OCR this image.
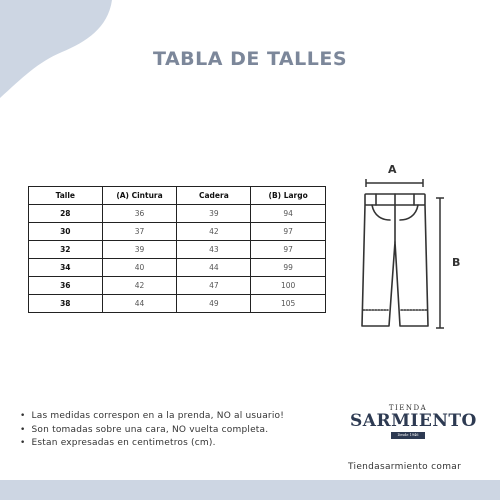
TABLA DE TALLES
Talle	(A) Cintura	Cadera	(B) Largo
28	36	39	94
30	37	42	97
32	39	43	97
34	40	44	99
36	42	47	100
38	44	49	105
A
B
• Las medidas correspon en a la prenda, NO al usuario!
• Son tomadas sobre una cara, NO vuelta completa.
• Estan expresadas en centimetros (cm).
TIENDA
SARMIENTO
Desde 1946
Tiendasarmiento comar
